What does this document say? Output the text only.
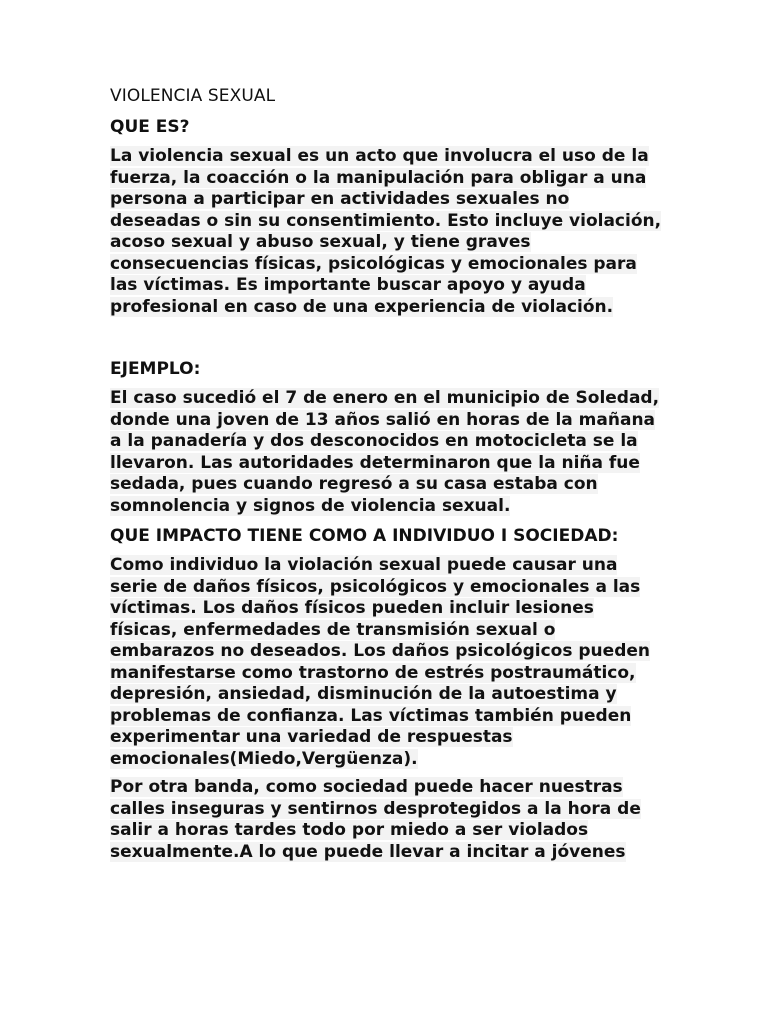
VIOLENCIA SEXUAL
QUE ES?
La violencia sexual es un acto que involucra el uso de la fuerza, la coacción o la manipulación para obligar a una persona a participar en actividades sexuales no deseadas o sin su consentimiento. Esto incluye violación, acoso sexual y abuso sexual, y tiene graves consecuencias físicas, psicológicas y emocionales para las víctimas. Es importante buscar apoyo y ayuda profesional en caso de una experiencia de violación.
EJEMPLO:
El caso sucedió el 7 de enero en el municipio de Soledad, donde una joven de 13 años salió en horas de la mañana a la panadería y dos desconocidos en motocicleta se la llevaron. Las autoridades determinaron que la niña fue sedada, pues cuando regresó a su casa estaba con somnolencia y signos de violencia sexual.
QUE IMPACTO TIENE COMO A INDIVIDUO I SOCIEDAD:
Como individuo la violación sexual puede causar una serie de daños físicos, psicológicos y emocionales a las víctimas. Los daños físicos pueden incluir lesiones físicas, enfermedades de transmisión sexual o embarazos no deseados. Los daños psicológicos pueden manifestarse como trastorno de estrés postraumático, depresión, ansiedad, disminución de la autoestima y problemas de confianza. Las víctimas también pueden experimentar una variedad de respuestas emocionales(Miedo,Vergüenza).
Por otra banda, como sociedad puede hacer nuestras calles inseguras y sentirnos desprotegidos a la hora de salir a horas tardes todo por miedo a ser violados sexualmente.A lo que puede llevar a incitar a jóvenes
